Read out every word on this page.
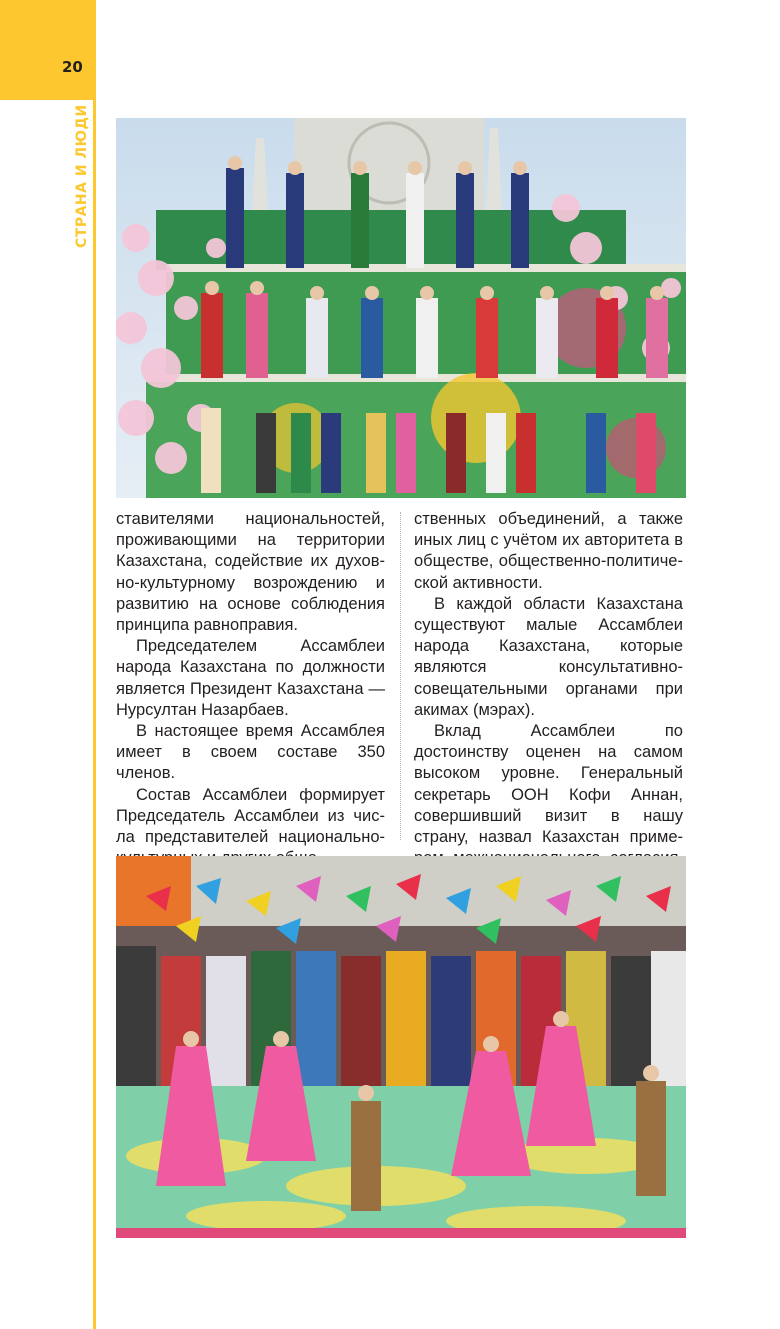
20
СТРАНА И ЛЮДИ

ставителями национальностей, проживающими на территории Казахстана, содействие их духовно-культурному возрождению и развитию на основе соблюдения принципа равноправия.

Председателем Ассамблеи народа Казахстана по должности является Президент Казахстана — Нурсултан Назарбаев.

В настоящее время Ассамблея имеет в своем составе 350 членов.

Состав Ассамблеи формирует Председатель Ассамблеи из числа представителей национально-

ственных объединений, а также иных лиц с учётом их авторитета в обществе, общественно-политической активности.

В каждой области Казахстана существуют малые Ассамблеи народа Казахстана, которые являются консультативно-совещательными органами при акимах (мэрах).

Вклад Ассамблеи по достоинству оценен на самом высоком уровне. Генеральный секретарь ООН Кофи Аннан, совершивший визит в нашу страну, назвал Казахстан приме
